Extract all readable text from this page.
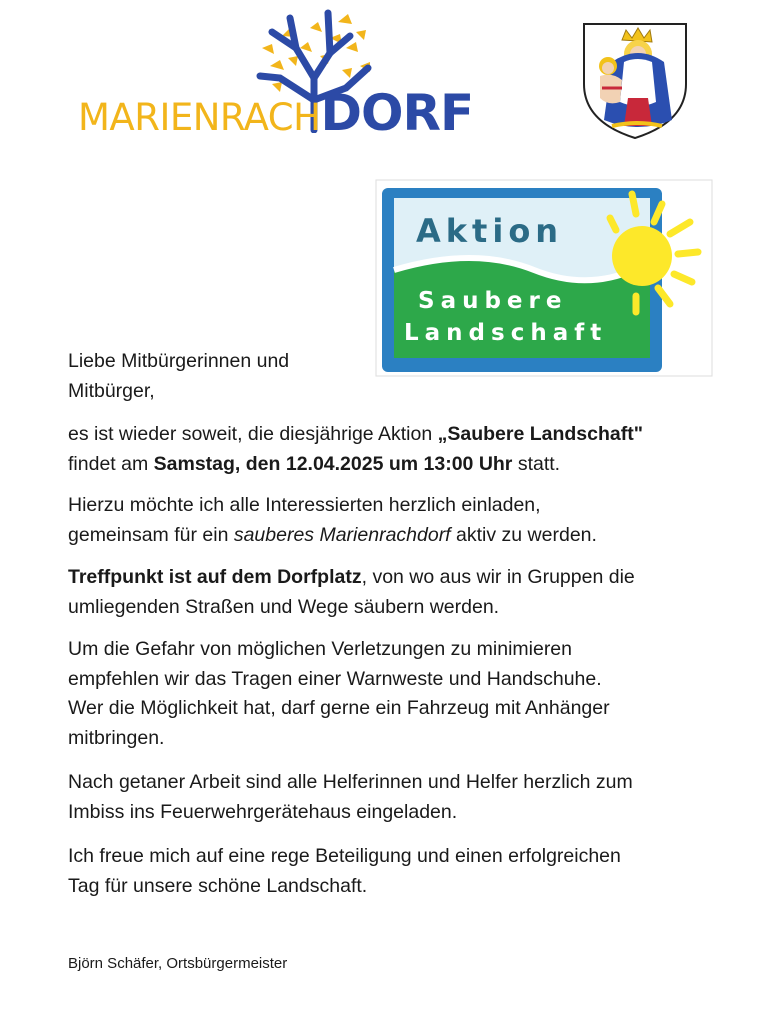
MARIENRACHDORF
Aktion
Saubere
Landschaft
Liebe Mitbürgerinnen und
Mitbürger,
es ist wieder soweit, die diesjährige Aktion „Saubere Landschaft"
findet am Samstag, den 12.04.2025 um 13:00 Uhr statt.
Hierzu möchte ich alle Interessierten herzlich einladen,
gemeinsam für ein sauberes Marienrachdorf aktiv zu werden.
Treffpunkt ist auf dem Dorfplatz, von wo aus wir in Gruppen die
umliegenden Straßen und Wege säubern werden.
Um die Gefahr von möglichen Verletzungen zu minimieren
empfehlen wir das Tragen einer Warnweste und Handschuhe.
Wer die Möglichkeit hat, darf gerne ein Fahrzeug mit Anhänger
mitbringen.
Nach getaner Arbeit sind alle Helferinnen und Helfer herzlich zum
Imbiss ins Feuerwehrgerätehaus eingeladen.
Ich freue mich auf eine rege Beteiligung und einen erfolgreichen
Tag für unsere schöne Landschaft.
Björn Schäfer, Ortsbürgermeister
